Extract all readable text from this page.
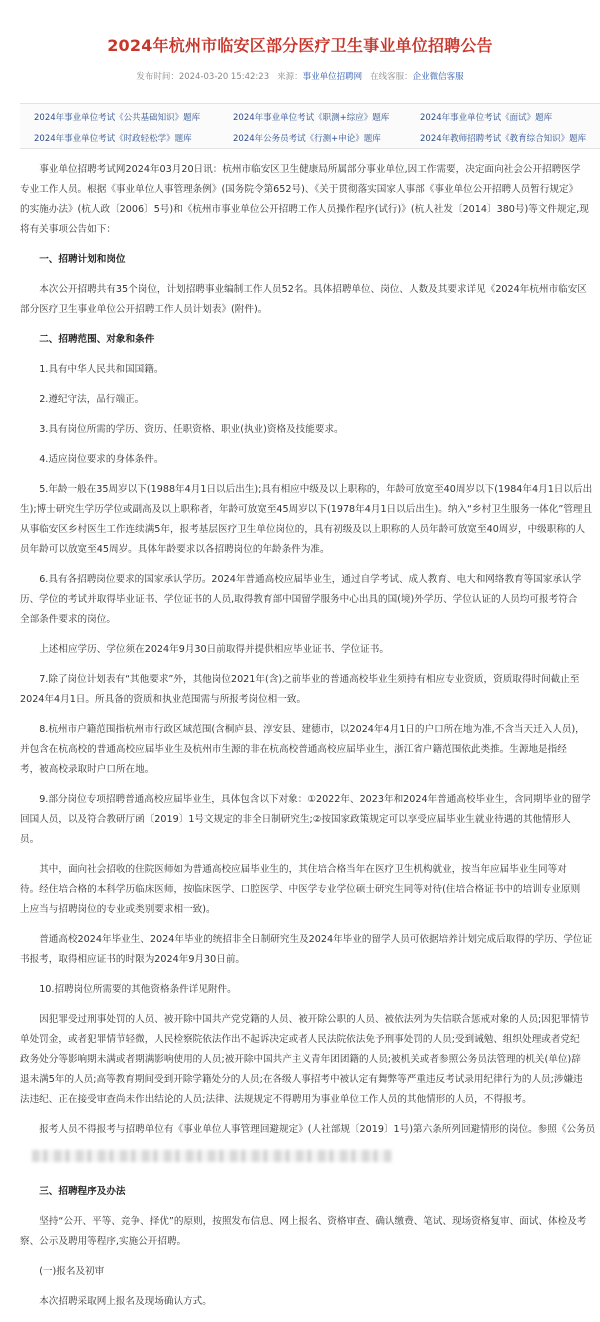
2024年杭州市临安区部分医疗卫生事业单位招聘公告
发布时间：2024-03-20 15:42:23 来源：事业单位招聘网 在线客服：企业微信客服
2024年事业单位考试《公共基础知识》题库	2024年事业单位考试《职测+综应》题库	2024年事业单位考试《面试》题库
2024年事业单位考试《时政轻松学》题库	2024年公务员考试《行测+申论》题库	2024年教师招聘考试《教育综合知识》题库

事业单位招聘考试网2024年03月20日讯：杭州市临安区卫生健康局所属部分事业单位,因工作需要，决定面向社会公开招聘医学
专业工作人员。根据《事业单位人事管理条例》(国务院令第652号)、《关于贯彻落实国家人事部《事业单位公开招聘人员暂行规定》
的实施办法》(杭人政〔2006〕5号)和《杭州市事业单位公开招聘工作人员操作程序(试行)》(杭人社发〔2014〕380号)等文件规定,现
将有关事项公告如下：

一、招聘计划和岗位

本次公开招聘共有35个岗位，计划招聘事业编制工作人员52名。具体招聘单位、岗位、人数及其要求详见《2024年杭州市临安区
部分医疗卫生事业单位公开招聘工作人员计划表》(附件)。

二、招聘范围、对象和条件

1.具有中华人民共和国国籍。

2.遵纪守法，品行端正。

3.具有岗位所需的学历、资历、任职资格、职业(执业)资格及技能要求。

4.适应岗位要求的身体条件。

5.年龄一般在35周岁以下(1988年4月1日以后出生);具有相应中级及以上职称的，年龄可放宽至40周岁以下(1984年4月1日以后出
生);博士研究生学历学位或副高及以上职称者，年龄可放宽至45周岁以下(1978年4月1日以后出生)。纳入“乡村卫生服务一体化”管理且
从事临安区乡村医生工作连续满5年，报考基层医疗卫生单位岗位的，具有初级及以上职称的人员年龄可放宽至40周岁，中级职称的人
员年龄可以放宽至45周岁。具体年龄要求以各招聘岗位的年龄条件为准。

6.具有各招聘岗位要求的国家承认学历。2024年普通高校应届毕业生，通过自学考试、成人教育、电大和网络教育等国家承认学
历、学位的考试并取得毕业证书、学位证书的人员,取得教育部中国留学服务中心出具的国(境)外学历、学位认证的人员均可报考符合
全部条件要求的岗位。

上述相应学历、学位须在2024年9月30日前取得并提供相应毕业证书、学位证书。

7.除了岗位计划表有“其他要求”外，其他岗位2021年(含)之前毕业的普通高校毕业生须持有相应专业资质，资质取得时间截止至
2024年4月1日。所具备的资质和执业范围需与所报考岗位相一致。

8.杭州市户籍范围指杭州市行政区域范围(含桐庐县、淳安县、建德市，以2024年4月1日的户口所在地为准,不含当天迁入人员)，
并包含在杭高校的普通高校应届毕业生及杭州市生源的非在杭高校普通高校应届毕业生，浙江省户籍范围依此类推。生源地是指经
考，被高校录取时户口所在地。

9.部分岗位专项招聘普通高校应届毕业生，具体包含以下对象：①2022年、2023年和2024年普通高校毕业生，含同期毕业的留学
回国人员，以及符合教研厅函〔2019〕1号文规定的非全日制研究生;②按国家政策规定可以享受应届毕业生就业待遇的其他情形人
员。

其中，面向社会招收的住院医师如为普通高校应届毕业生的，其住培合格当年在医疗卫生机构就业，按当年应届毕业生同等对
待。经住培合格的本科学历临床医师，按临床医学、口腔医学、中医学专业学位硕士研究生同等对待(住培合格证书中的培训专业原则
上应当与招聘岗位的专业或类别要求相一致)。

普通高校2024年毕业生、2024年毕业的统招非全日制研究生及2024年毕业的留学人员可依据培养计划完成后取得的学历、学位证
书报考，取得相应证书的时限为2024年9月30日前。

10.招聘岗位所需要的其他资格条件详见附件。

因犯罪受过刑事处罚的人员、被开除中国共产党党籍的人员、被开除公职的人员、被依法列为失信联合惩戒对象的人员;因犯罪情节
单处罚金，或者犯罪情节轻微，人民检察院依法作出不起诉决定或者人民法院依法免予刑事处罚的人员;受到诫勉、组织处理或者党纪
政务处分等影响期未满或者期满影响使用的人员;被开除中国共产主义青年团团籍的人员;被机关或者参照公务员法管理的机关(单位)辞
退未满5年的人员;高等教育期间受到开除学籍处分的人员;在各级人事招考中被认定有舞弊等严重违反考试录用纪律行为的人员;涉嫌违
法违纪、正在接受审查尚未作出结论的人员;法律、法规规定不得聘用为事业单位工作人员的其他情形的人员，不得报考。

报考人员不得报考与招聘单位有《事业单位人事管理回避规定》(人社部规〔2019〕1号)第六条所列回避情形的岗位。参照《公务员

三、招聘程序及办法

坚持“公开、平等、竞争、择优”的原则，按照发布信息、网上报名、资格审查、确认缴费、笔试、现场资格复审、面试、体检及考
察、公示及聘用等程序,实施公开招聘。

(一)报名及初审

本次招聘采取网上报名及现场确认方式。
